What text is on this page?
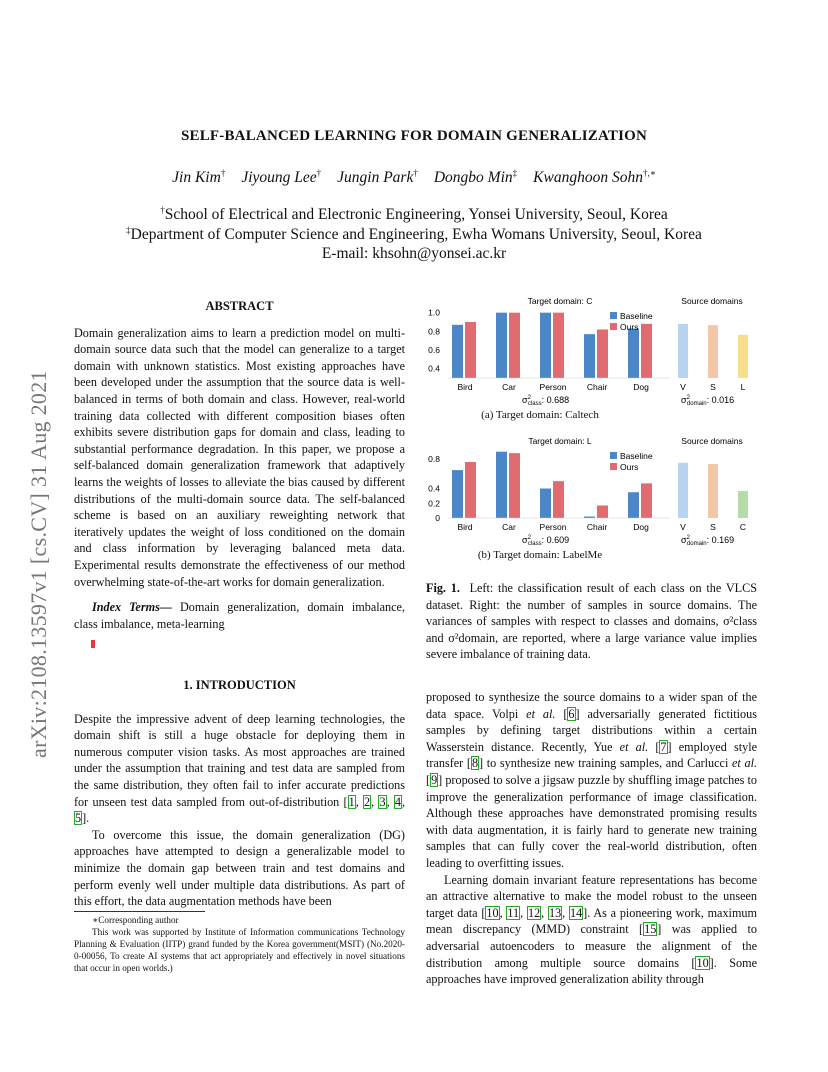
arXiv:2108.13597v1 [cs.CV] 31 Aug 2021
SELF-BALANCED LEARNING FOR DOMAIN GENERALIZATION
Jin Kim† Jiyoung Lee† Jungin Park† Dongbo Min‡ Kwanghoon Sohn†,∗
†School of Electrical and Electronic Engineering, Yonsei University, Seoul, Korea
‡Department of Computer Science and Engineering, Ewha Womans University, Seoul, Korea
E-mail: khsohn@yonsei.ac.kr
ABSTRACT
Domain generalization aims to learn a prediction model on multi-domain source data such that the model can generalize to a target domain with unknown statistics. Most existing approaches have been developed under the assumption that the source data is well-balanced in terms of both domain and class. However, real-world training data collected with different composition biases often exhibits severe distribution gaps for domain and class, leading to substantial performance degradation. In this paper, we propose a self-balanced domain generalization framework that adaptively learns the weights of losses to alleviate the bias caused by different distributions of the multi-domain source data. The self-balanced scheme is based on an auxiliary reweighting network that iteratively updates the weight of loss conditioned on the domain and class information by leveraging balanced meta data. Experimental results demonstrate the effectiveness of our method overwhelming state-of-the-art works for domain generalization.
Index Terms— Domain generalization, domain imbalance, class imbalance, meta-learning
1. INTRODUCTION
Despite the impressive advent of deep learning technologies, the domain shift is still a huge obstacle for deploying them in numerous computer vision tasks. As most approaches are trained under the assumption that training and test data are sampled from the same distribution, they often fail to infer accurate predictions for unseen test data sampled from out-of-distribution [1, 2, 3, 4, 5].
To overcome this issue, the domain generalization (DG) approaches have attempted to design a generalizable model to minimize the domain gap between train and test domains and perform evenly well under multiple data distributions. As part of this effort, the data augmentation methods have been
∗Corresponding author
This work was supported by Institute of Information communications Technology Planning & Evaluation (IITP) grand funded by the Korea government(MSIT) (No.2020-0-00056, To create AI systems that act appropriately and effectively in novel situations that occur in open worlds.)
Target domain: C
0.4
0.6
0.8
1.0
Bird	Car	Person Chair	Dog
Baseline
Ours
$\sigma^2$ class: 0.688
Source domains
V	S	L
$\sigma^2$ domain: 0.016
Target domain: L
0
0.2
0.4
0.8
Bird	Car	Person Chair	Dog
Baseline
Ours
$\sigma^2$ class: 0.609
Source domains
V	S	C
$\sigma^2$ domain: 0.169
(a) Target domain: Caltech
(b) Target domain: LabelMe
Fig. 1. Left: the classification result of each class on the VLCS dataset. Right: the number of samples in source domains. The variances of samples with respect to classes and domains, σ²class and σ²domain, are reported, where a large variance value implies severe imbalance of training data.
proposed to synthesize the source domains to a wider span of the data space. Volpi et al. [6] adversarially generated fictitious samples by defining target distributions within a certain Wasserstein distance. Recently, Yue et al. [7] employed style transfer [8] to synthesize new training samples, and Carlucci et al. [9] proposed to solve a jigsaw puzzle by shuffling image patches to improve the generalization performance of image classification. Although these approaches have demonstrated promising results with data augmentation, it is fairly hard to generate new training samples that can fully cover the real-world distribution, often leading to overfitting issues.
Learning domain invariant feature representations has become an attractive alternative to make the model robust to the unseen target data [10, 11, 12, 13, 14]. As a pioneering work, maximum mean discrepancy (MMD) constraint [15] was applied to adversarial autoencoders to measure the alignment of the distribution among multiple source domains [10]. Some approaches have improved generalization ability through
